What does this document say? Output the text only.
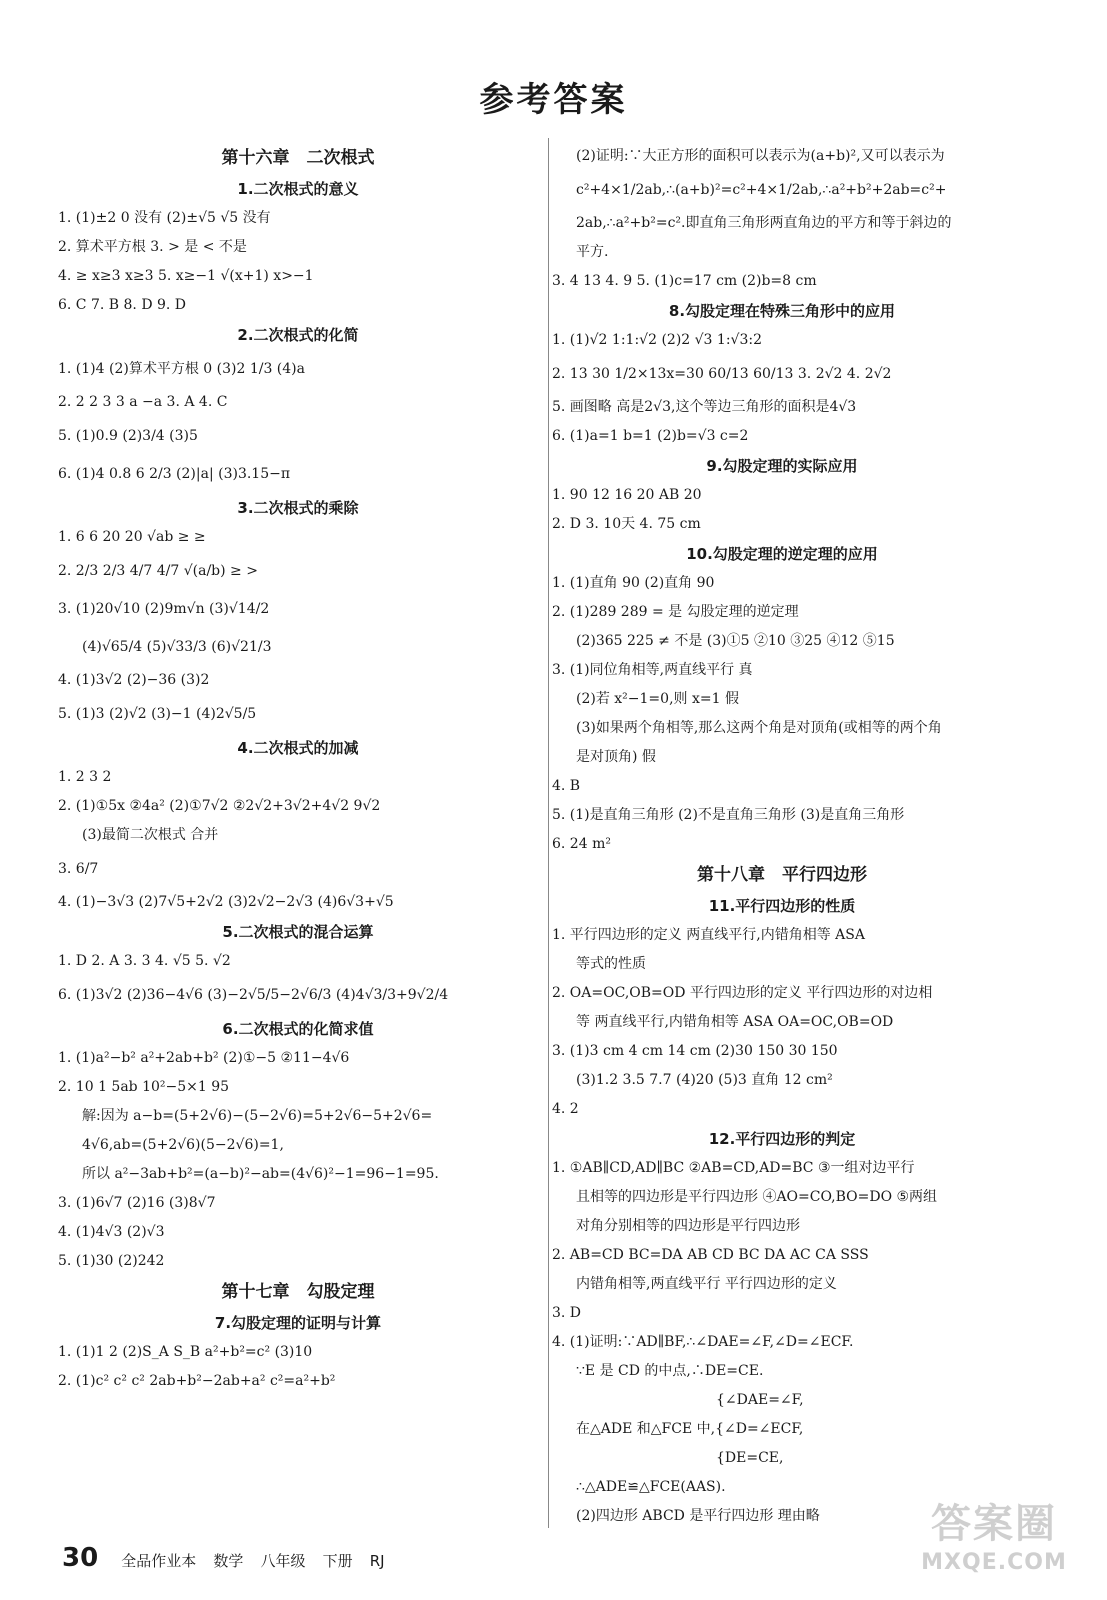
参考答案
第十六章　二次根式
1.二次根式的意义
1. (1)±2 0 没有 (2)±√5 √5 没有
2. 算术平方根 3. > 是 < 不是
4. ≥ x≥3 x≥3 5. x≥−1 √(x+1) x>−1
6. C 7. B 8. D 9. D
2.二次根式的化简
1. (1)4 (2)算术平方根 0 (3)2 1/3 (4)a
2. 2 2 3 3 a −a 3. A 4. C
5. (1)0.9 (2)3/4 (3)5
6. (1)4 0.8 6 2/3 (2)|a| (3)3.15−π
3.二次根式的乘除
1. 6 6 20 20 √ab ≥ ≥
2. 2/3 2/3 4/7 4/7 √(a/b) ≥ >
3. (1)20√10 (2)9m√n (3)√14/2
(4)√65/4 (5)√33/3 (6)√21/3
4. (1)3√2 (2)−36 (3)2
5. (1)3 (2)√2 (3)−1 (4)2√5/5
4.二次根式的加减
1. 2 3 2
2. (1)①5x ②4a² (2)①7√2 ②2√2+3√2+4√2 9√2
(3)最简二次根式 合并
3. 6/7
4. (1)−3√3 (2)7√5+2√2 (3)2√2−2√3 (4)6√3+√5
5.二次根式的混合运算
1. D 2. A 3. 3 4. √5 5. √2
6. (1)3√2 (2)36−4√6 (3)−2√5/5−2√6/3 (4)4√3/3+9√2/4
6.二次根式的化简求值
1. (1)a²−b² a²+2ab+b² (2)①−5 ②11−4√6
2. 10 1 5ab 10²−5×1 95
解:因为 a−b=(5+2√6)−(5−2√6)=5+2√6−5+2√6=
4√6,ab=(5+2√6)(5−2√6)=1,
所以 a²−3ab+b²=(a−b)²−ab=(4√6)²−1=96−1=95.
3. (1)6√7 (2)16 (3)8√7
4. (1)4√3 (2)√3
5. (1)30 (2)242
第十七章　勾股定理
7.勾股定理的证明与计算
1. (1)1 2 (2)S_A S_B a²+b²=c² (3)10
2. (1)c² c² c² 2ab+b²−2ab+a² c²=a²+b²
(2)证明:∵大正方形的面积可以表示为(a+b)²,又可以表示为
c²+4×1/2ab,∴(a+b)²=c²+4×1/2ab,∴a²+b²+2ab=c²+
2ab,∴a²+b²=c².即直角三角形两直角边的平方和等于斜边的
平方.
3. 4 13 4. 9 5. (1)c=17 cm (2)b=8 cm
8.勾股定理在特殊三角形中的应用
1. (1)√2 1:1:√2 (2)2 √3 1:√3:2
2. 13 30 1/2×13x=30 60/13 60/13 3. 2√2 4. 2√2
5. 画图略 高是2√3,这个等边三角形的面积是4√3
6. (1)a=1 b=1 (2)b=√3 c=2
9.勾股定理的实际应用
1. 90 12 16 20 AB 20
2. D 3. 10天 4. 75 cm
10.勾股定理的逆定理的应用
1. (1)直角 90 (2)直角 90
2. (1)289 289 = 是 勾股定理的逆定理
(2)365 225 ≠ 不是 (3)①5 ②10 ③25 ④12 ⑤15
3. (1)同位角相等,两直线平行 真
(2)若 x²−1=0,则 x=1 假
(3)如果两个角相等,那么这两个角是对顶角(或相等的两个角
是对顶角) 假
4. B
5. (1)是直角三角形 (2)不是直角三角形 (3)是直角三角形
6. 24 m²
第十八章　平行四边形
11.平行四边形的性质
1. 平行四边形的定义 两直线平行,内错角相等 ASA
等式的性质
2. OA=OC,OB=OD 平行四边形的定义 平行四边形的对边相
等 两直线平行,内错角相等 ASA OA=OC,OB=OD
3. (1)3 cm 4 cm 14 cm (2)30 150 30 150
(3)1.2 3.5 7.7 (4)20 (5)3 直角 12 cm²
4. 2
12.平行四边形的判定
1. ①AB∥CD,AD∥BC ②AB=CD,AD=BC ③一组对边平行
且相等的四边形是平行四边形 ④AO=CO,BO=DO ⑤两组
对角分别相等的四边形是平行四边形
2. AB=CD BC=DA AB CD BC DA AC CA SSS
内错角相等,两直线平行 平行四边形的定义
3. D
4. (1)证明:∵AD∥BF,∴∠DAE=∠F,∠D=∠ECF.
∵E 是 CD 的中点,∴DE=CE.
　　　　　　　　　　{∠DAE=∠F,
在△ADE 和△FCE 中,{∠D=∠ECF,
　　　　　　　　　　{DE=CE,
∴△ADE≌△FCE(AAS).
(2)四边形 ABCD 是平行四边形 理由略
30 全品作业本 数学 八年级 下册 RJ
答案圈
MXQE.COM
